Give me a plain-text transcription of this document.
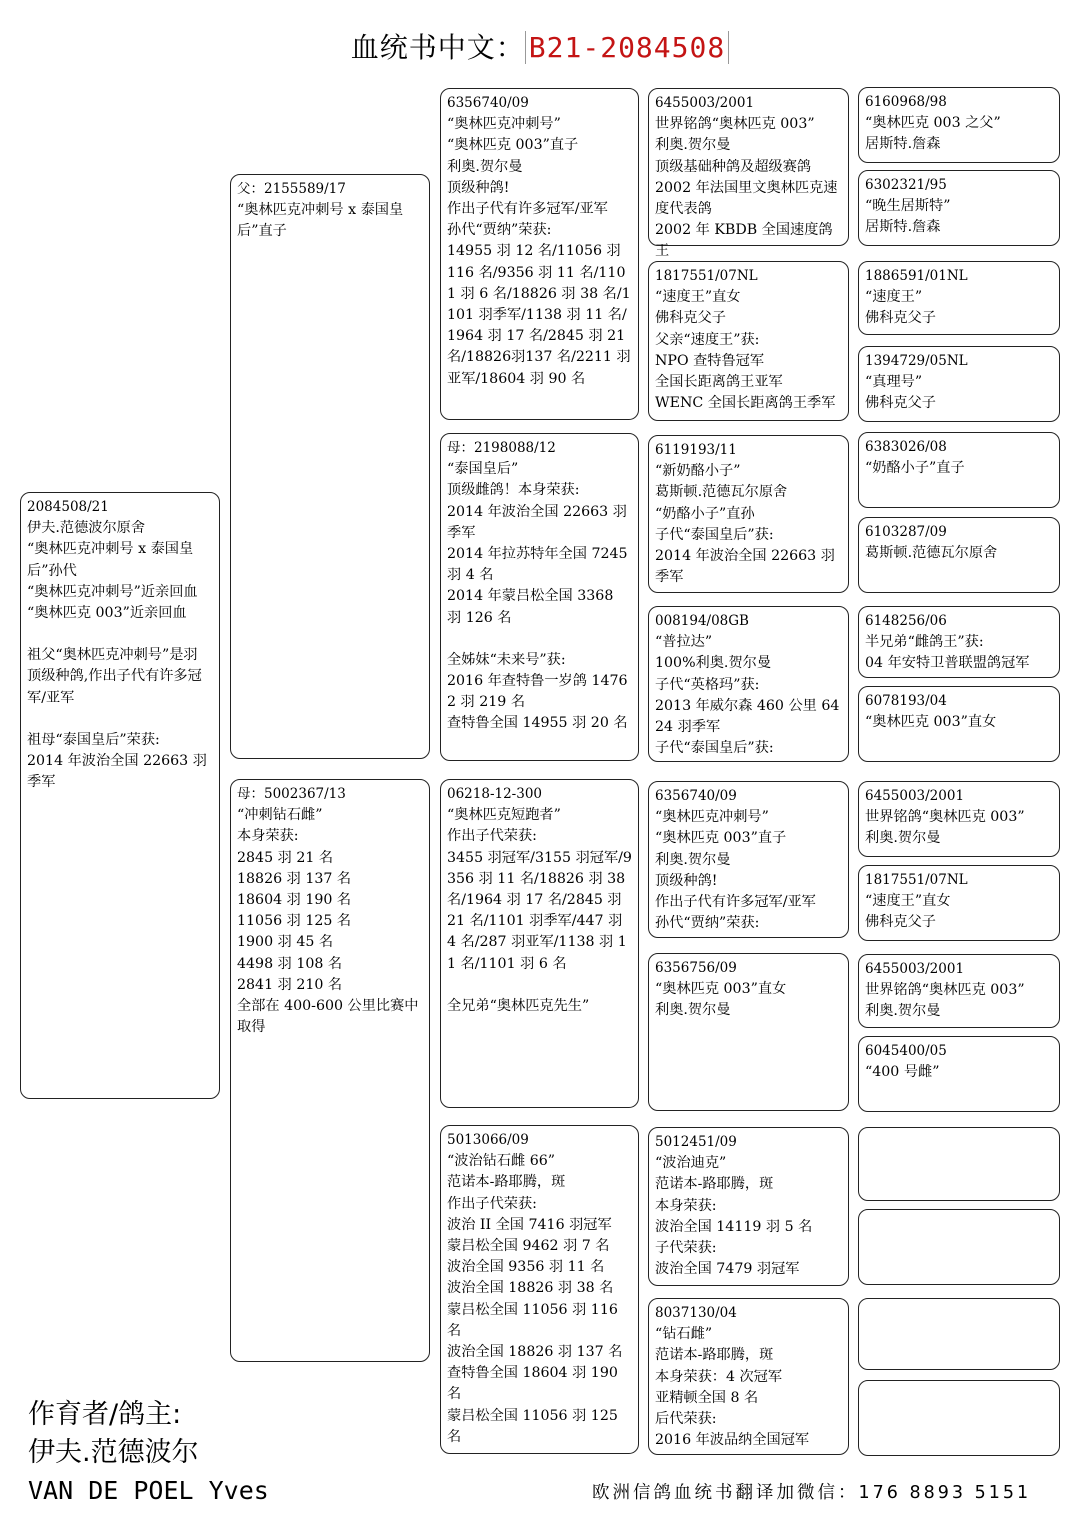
血统书中文： B21-2084508
2084508/21
伊夫.范德波尔原舍
“奥林匹克冲刺号 x 泰国皇后”孙代
“奥林匹克冲刺号”近亲回血
“奥林匹克 003”近亲回血
祖父“奥林匹克冲刺号”是羽
顶级种鸽,作出子代有许多冠军/亚军
祖母“泰国皇后”荣获:
2014 年波治全国 22663 羽季军
父：2155589/17
“奥林匹克冲刺号 x 泰国皇后”直子
母：5002367/13
“冲刺钻石雌”
本身荣获:
2845 羽 21 名
18826 羽 137 名
18604 羽 190 名
11056 羽 125 名
1900 羽 45 名
4498 羽 108 名
2841 羽 210 名
全部在 400-600 公里比赛中取得
6356740/09
“奥林匹克冲刺号”
“奥林匹克 003”直子
利奥.贺尔曼
顶级种鸽!
作出子代有许多冠军/亚军
孙代“贾纳”荣获:
14955 羽 12 名/11056 羽 116 名/9356 羽 11 名/1101 羽 6 名/18826 羽 38 名/1101 羽季军/1138 羽 11 名/1964 羽 17 名/2845 羽 21 名/18826羽137 名/2211 羽亚军/18604 羽 90 名
母：2198088/12
“泰国皇后”
顶级雌鸽！本身荣获:
2014 年波治全国 22663 羽季军
2014 年拉苏特年全国 7245 羽 4 名
2014 年蒙吕松全国 3368 羽 126 名
全姊妹“未来号”获:
2016 年查特鲁一岁鸽 14762 羽 219 名
查特鲁全国 14955 羽 20 名
06218-12-300
“奥林匹克短跑者”
作出子代荣获:
3455 羽冠军/3155 羽冠军/9356 羽 11 名/18826 羽 38 名/1964 羽 17 名/2845 羽 21 名/1101 羽季军/447 羽 4 名/287 羽亚军/1138 羽 11 名/1101 羽 6 名
全兄弟“奥林匹克先生”
5013066/09
“波治钻石雌 66”
范诺本-路耶腾，斑
作出子代荣获:
波治 II 全国 7416 羽冠军
蒙吕松全国 9462 羽 7 名
波治全国 9356 羽 11 名
波治全国 18826 羽 38 名
蒙吕松全国 11056 羽 116 名
波治全国 18826 羽 137 名
查特鲁全国 18604 羽 190 名
蒙吕松全国 11056 羽 125 名
6455003/2001
世界铭鸽“奥林匹克 003”
利奥.贺尔曼
顶级基础种鸽及超级赛鸽
2002 年法国里文奥林匹克速度代表鸽
2002 年 KBDB 全国速度鸽王
1817551/07NL
“速度王”直女
佛科克父子
父亲“速度王”获:
NPO 查特鲁冠军
全国长距离鸽王亚军
WENC 全国长距离鸽王季军
6119193/11
“新奶酪小子”
葛斯顿.范德瓦尔原舍
“奶酪小子”直孙
子代“泰国皇后”获:
2014 年波治全国 22663 羽季军
008194/08GB
“普拉达”
100%利奥.贺尔曼
子代“英格玛”获:
2013 年威尔森 460 公里 6424 羽季军
子代“泰国皇后”获:
6356740/09
“奥林匹克冲刺号”
“奥林匹克 003”直子
利奥.贺尔曼
顶级种鸽!
作出子代有许多冠军/亚军
孙代“贾纳”荣获:
6356756/09
“奥林匹克 003”直女
利奥.贺尔曼
5012451/09
“波治迪克”
范诺本-路耶腾，斑
本身荣获:
波治全国 14119 羽 5 名
子代荣获:
波治全国 7479 羽冠军
8037130/04
“钻石雌”
范诺本-路耶腾，斑
本身荣获：4 次冠军
亚精顿全国 8 名
后代荣获:
2016 年波品纳全国冠军
6160968/98
“奥林匹克 003 之父”
居斯特.詹森
6302321/95
“晚生居斯特”
居斯特.詹森
1886591/01NL
“速度王”
佛科克父子
1394729/05NL
“真理号”
佛科克父子
6383026/08
“奶酪小子”直子
6103287/09
葛斯顿.范德瓦尔原舍
6148256/06
半兄弟“雌鸽王”获:
04 年安特卫普联盟鸽冠军
6078193/04
“奥林匹克 003”直女
6455003/2001
世界铭鸽“奥林匹克 003”
利奥.贺尔曼
1817551/07NL
“速度王”直女
佛科克父子
6455003/2001
世界铭鸽“奥林匹克 003”
利奥.贺尔曼
6045400/05
“400 号雌”
作育者/鸽主:
伊夫.范德波尔
VAN DE POEL Yves	欧洲信鸽血统书翻译加微信：176 8893 5151
